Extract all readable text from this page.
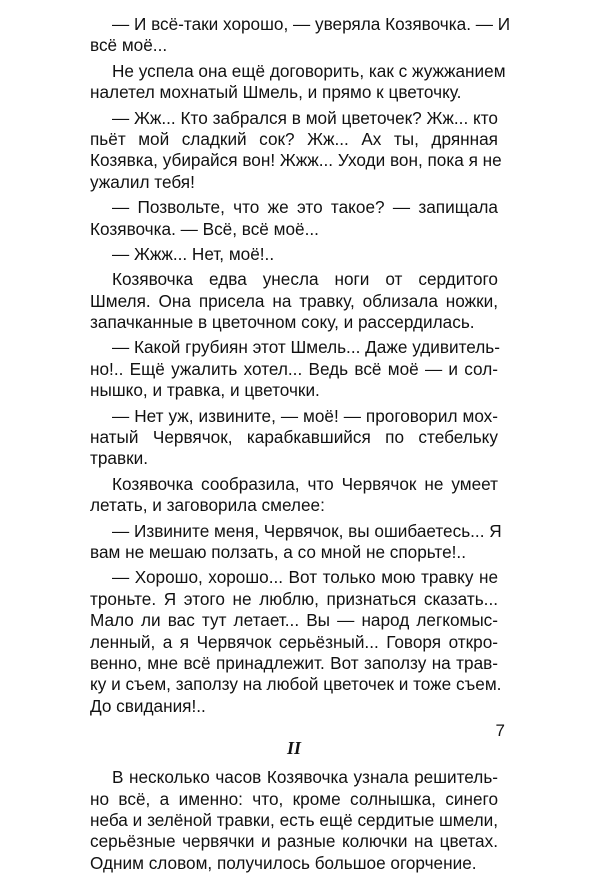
— И всё-таки хорошо, — уверяла Козявочка. — И
всё моё...
Не успела она ещё договорить, как с жужжанием
налетел мохнатый Шмель, и прямо к цветочку.
— Жж... Кто забрался в мой цветочек? Жж... кто
пьёт мой сладкий сок? Жж... Ах ты, дрянная
Козявка, убирайся вон! Жжж... Уходи вон, пока я не
ужалил тебя!
— Позвольте, что же это такое? — запищала
Козявочка. — Всё, всё моё...
— Жжж... Нет, моё!..
Козявочка едва унесла ноги от сердитого
Шмеля. Она присела на травку, облизала ножки,
запачканные в цветочном соку, и рассердилась.
— Какой грубиян этот Шмель... Даже удивитель-
но!.. Ещё ужалить хотел... Ведь всё моё — и сол-
нышко, и травка, и цветочки.
— Нет уж, извините, — моё! — проговорил мох-
натый Червячок, карабкавшийся по стебельку
травки.
Козявочка сообразила, что Червячок не умеет
летать, и заговорила смелее:
— Извините меня, Червячок, вы ошибаетесь... Я
вам не мешаю ползать, а со мной не спорьте!..
— Хорошо, хорошо... Вот только мою травку не
троньте. Я этого не люблю, признаться сказать...
Мало ли вас тут летает... Вы — народ легкомыс-
ленный, а я Червячок серьёзный... Говоря откро-
венно, мне всё принадлежит. Вот заползу на трав-
ку и съем, заползу на любой цветочек и тоже съем.
До свидания!..
II
В несколько часов Козявочка узнала решитель-
но всё, а именно: что, кроме солнышка, синего
неба и зелёной травки, есть ещё сердитые шмели,
серьёзные червячки и разные колючки на цветах.
Одним словом, получилось большое огорчение.
7
